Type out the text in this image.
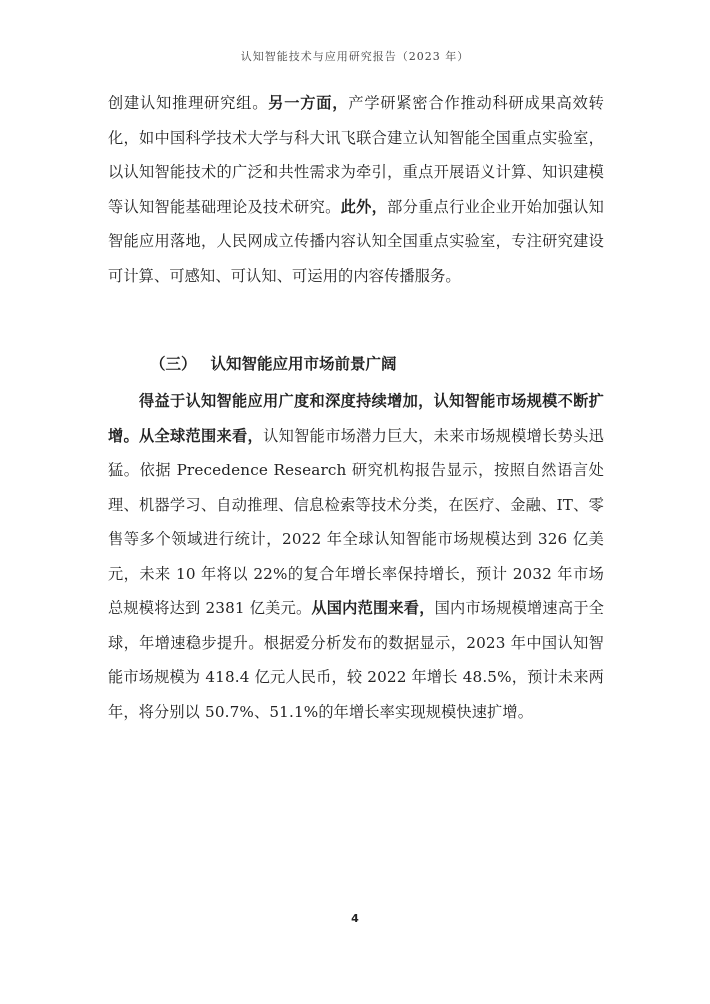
认知智能技术与应用研究报告（2023 年）

创建认知推理研究组。另一方面，产学研紧密合作推动科研成果高效转化，如中国科学技术大学与科大讯飞联合建立认知智能全国重点实验室，以认知智能技术的广泛和共性需求为牵引，重点开展语义计算、知识建模等认知智能基础理论及技术研究。此外，部分重点行业企业开始加强认知智能应用落地，人民网成立传播内容认知全国重点实验室，专注研究建设可计算、可感知、可认知、可运用的内容传播服务。

（三） 认知智能应用市场前景广阔

得益于认知智能应用广度和深度持续增加，认知智能市场规模不断扩增。从全球范围来看，认知智能市场潜力巨大，未来市场规模增长势头迅猛。依据 Precedence Research 研究机构报告显示，按照自然语言处理、机器学习、自动推理、信息检索等技术分类，在医疗、金融、IT、零售等多个领域进行统计，2022 年全球认知智能市场规模达到 326 亿美元，未来 10 年将以 22%的复合年增长率保持增长，预计 2032 年市场总规模将达到 2381 亿美元。从国内范围来看，国内市场规模增速高于全球，年增速稳步提升。根据爱分析发布的数据显示，2023 年中国认知智能市场规模为 418.4 亿元人民币，较 2022 年增长 48.5%，预计未来两年，将分别以 50.7%、51.1%的年增长率实现规模快速扩增。

4
